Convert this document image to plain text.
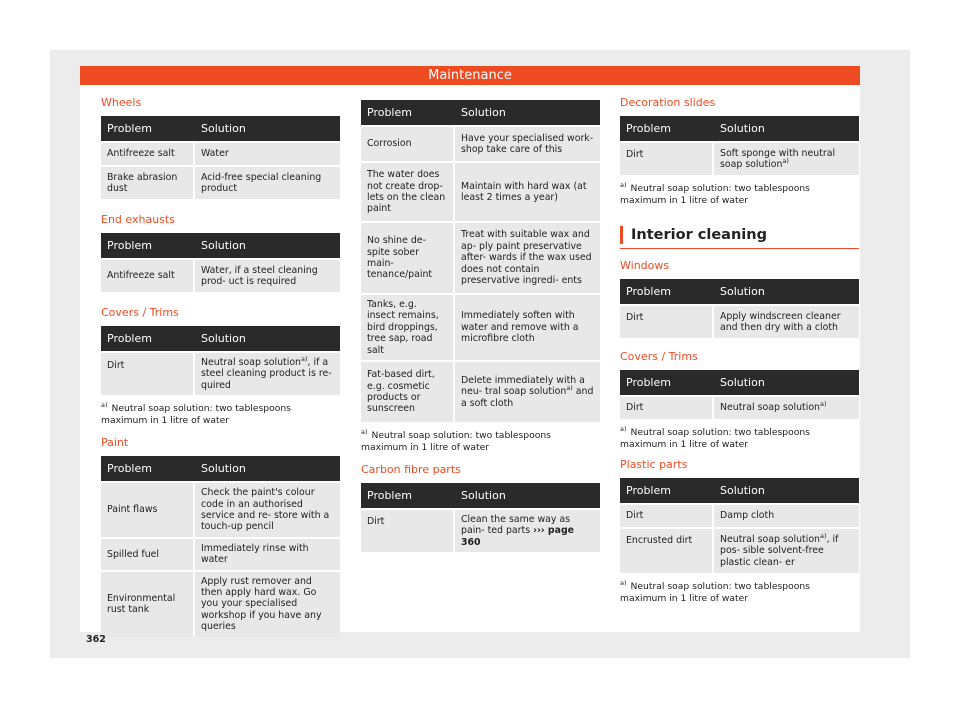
Maintenance
Wheels
Problem	Solution
Antifreeze salt	Water
Brake abrasion dust	Acid-free special cleaning product
End exhausts
Problem	Solution
Antifreeze salt	Water, if a steel cleaning prod- uct is required
Covers / Trims
Problem	Solution
Dirt	Neutral soap solution$^{a)}$, if a steel cleaning product is re- quired
$^{a)}$ Neutral soap solution: two tablespoons maximum in 1 litre of water
Paint
Problem	Solution
Paint flaws	Check the paint's colour code in an authorised service and re- store with a touch-up pencil
Spilled fuel	Immediately rinse with water
Environmental rust tank	Apply rust remover and then apply hard wax. Go you your specialised workshop if you have any queries
Problem	Solution
Corrosion	Have your specialised work- shop take care of this
The water does not create drop- lets on the clean paint	Maintain with hard wax (at least 2 times a year)
No shine de- spite sober main- tenance/paint	Treat with suitable wax and ap- ply paint preservative after- wards if the wax used does not contain preservative ingredi- ents
Tanks, e.g. insect remains, bird droppings, tree sap, road salt	Immediately soften with water and remove with a microfibre cloth
Fat-based dirt, e.g. cosmetic products or sunscreen	Delete immediately with a neu- tral soap solution$^{a)}$ and a soft cloth
$^{a)}$ Neutral soap solution: two tablespoons maximum in 1 litre of water
Carbon fibre parts
Problem	Solution
Dirt	Clean the same way as pain- ted parts ››› page 360
Decoration slides
Problem	Solution
Dirt	Soft sponge with neutral soap solution$^{a)}$
$^{a)}$ Neutral soap solution: two tablespoons maximum in 1 litre of water
Interior cleaning
Windows
Problem	Solution
Dirt	Apply windscreen cleaner and then dry with a cloth
Covers / Trims
Problem	Solution
Dirt	Neutral soap solution$^{a)}$
$^{a)}$ Neutral soap solution: two tablespoons maximum in 1 litre of water
Plastic parts
Problem	Solution
Dirt	Damp cloth
Encrusted dirt	Neutral soap solution$^{a)}$, if pos- sible solvent-free plastic clean- er
$^{a)}$ Neutral soap solution: two tablespoons maximum in 1 litre of water
362
